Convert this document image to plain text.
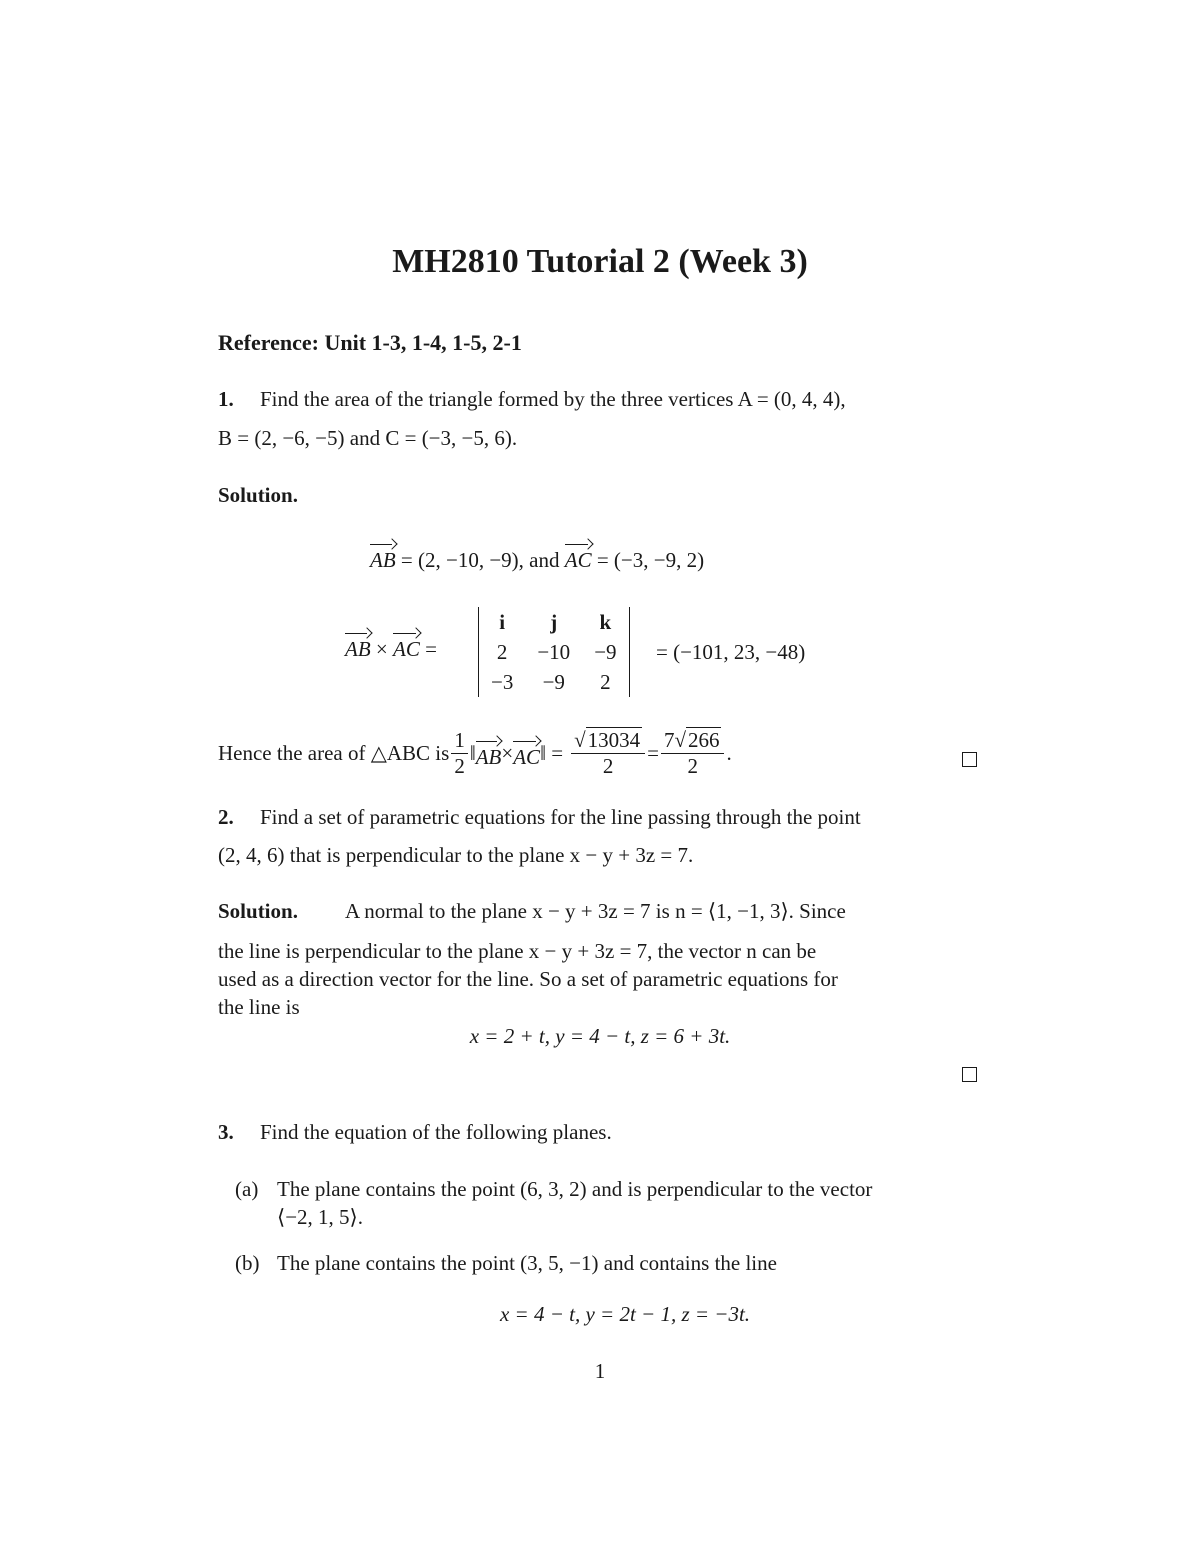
MH2810 Tutorial 2 (Week 3)
Reference: Unit 1-3, 1-4, 1-5, 2-1
1. Find the area of the triangle formed by the three vertices A = (0, 4, 4),
B = (2, −6, −5) and C = (−3, −5, 6).
Solution.
AB = (2, −10, −9), and AC = (−3, −9, 2)
AB × AC =
i	j	k
2	−10	−9
−3	−9	2
= (−101, 23, −48)
Hence the area of △ABC is $\frac{1}{2}$ ‖ AB × AC ‖ = $\frac{√13034}{2} = \frac{7√266}{2}$ .
2. Find a set of parametric equations for the line passing through the point
(2, 4, 6) that is perpendicular to the plane x − y + 3z = 7.
Solution. A normal to the plane x − y + 3z = 7 is n = ⟨1, −1, 3⟩. Since
the line is perpendicular to the plane x − y + 3z = 7, the vector n can be
used as a direction vector for the line. So a set of parametric equations for
the line is
x = 2 + t, y = 4 − t, z = 6 + 3t.
3. Find the equation of the following planes.
(a) The plane contains the point (6, 3, 2) and is perpendicular to the vector
⟨−2, 1, 5⟩.
(b) The plane contains the point (3, 5, −1) and contains the line
x = 4 − t, y = 2t − 1, z = −3t.
1
